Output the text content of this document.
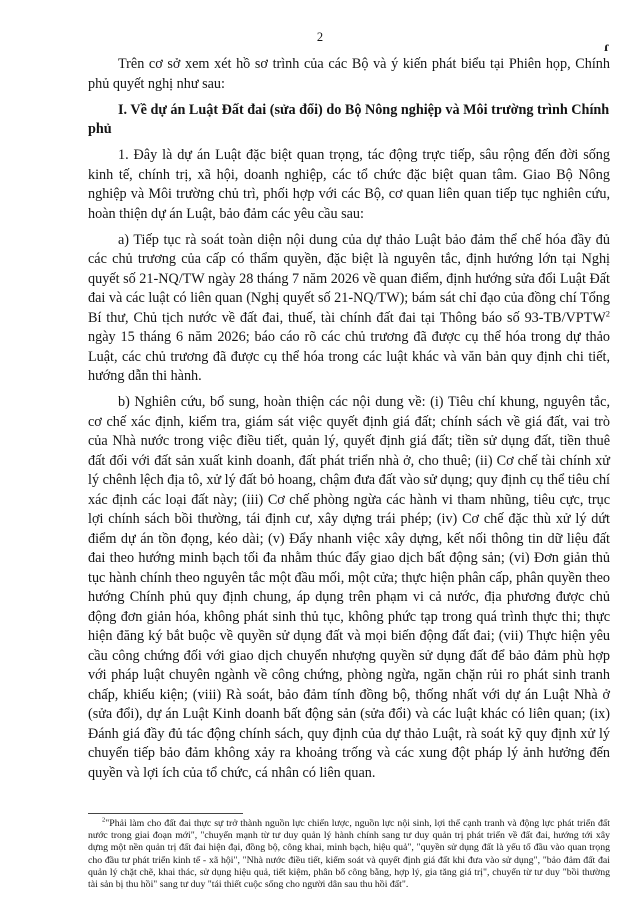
2
ɾ

Trên cơ sở xem xét hồ sơ trình của các Bộ và ý kiến phát biểu tại Phiên họp, Chính phủ quyết nghị như sau:

I. Về dự án Luật Đất đai (sửa đổi) do Bộ Nông nghiệp và Môi trường trình Chính phủ

1. Đây là dự án Luật đặc biệt quan trọng, tác động trực tiếp, sâu rộng đến đời sống kinh tế, chính trị, xã hội, doanh nghiệp, các tổ chức đặc biệt quan tâm. Giao Bộ Nông nghiệp và Môi trường chủ trì, phối hợp với các Bộ, cơ quan liên quan tiếp tục nghiên cứu, hoàn thiện dự án Luật, bảo đảm các yêu cầu sau:

a) Tiếp tục rà soát toàn diện nội dung của dự thảo Luật bảo đảm thể chế hóa đầy đủ các chủ trương của cấp có thẩm quyền, đặc biệt là nguyên tắc, định hướng lớn tại Nghị quyết số 21-NQ/TW ngày 28 tháng 7 năm 2026 về quan điểm, định hướng sửa đổi Luật Đất đai và các luật có liên quan (Nghị quyết số 21-NQ/TW); bám sát chỉ đạo của đồng chí Tổng Bí thư, Chủ tịch nước về đất đai, thuế, tài chính đất đai tại Thông báo số 93-TB/VPTW$^2$ ngày 15 tháng 6 năm 2026; báo cáo rõ các chủ trương đã được cụ thể hóa trong dự thảo Luật, các chủ trương đã được cụ thể hóa trong các luật khác và văn bản quy định chi tiết, hướng dẫn thi hành.

b) Nghiên cứu, bổ sung, hoàn thiện các nội dung về: (i) Tiêu chí khung, nguyên tắc, cơ chế xác định, kiểm tra, giám sát việc quyết định giá đất; chính sách về giá đất, vai trò của Nhà nước trong việc điều tiết, quản lý, quyết định giá đất; tiền sử dụng đất, tiền thuê đất đối với đất sản xuất kinh doanh, đất phát triển nhà ở, cho thuê; (ii) Cơ chế tài chính xử lý chênh lệch địa tô, xử lý đất bỏ hoang, chậm đưa đất vào sử dụng; quy định cụ thể tiêu chí xác định các loại đất này; (iii) Cơ chế phòng ngừa các hành vi tham nhũng, tiêu cực, trục lợi chính sách bồi thường, tái định cư, xây dựng trái phép; (iv) Cơ chế đặc thù xử lý dứt điểm dự án tồn đọng, kéo dài; (v) Đẩy nhanh việc xây dựng, kết nối thông tin dữ liệu đất đai theo hướng minh bạch tối đa nhằm thúc đẩy giao dịch bất động sản; (vi) Đơn giản thủ tục hành chính theo nguyên tắc một đầu mối, một cửa; thực hiện phân cấp, phân quyền theo hướng Chính phủ quy định chung, áp dụng trên phạm vi cả nước, địa phương được chủ động đơn giản hóa, không phát sinh thủ tục, không phức tạp trong quá trình thực thi; thực hiện đăng ký bắt buộc về quyền sử dụng đất và mọi biến động đất đai; (vii) Thực hiện yêu cầu công chứng đối với giao dịch chuyển nhượng quyền sử dụng đất để bảo đảm phù hợp với pháp luật chuyên ngành về công chứng, phòng ngừa, ngăn chặn rủi ro phát sinh tranh chấp, khiếu kiện; (viii) Rà soát, bảo đảm tính đồng bộ, thống nhất với dự án Luật Nhà ở (sửa đổi), dự án Luật Kinh doanh bất động sản (sửa đổi) và các luật khác có liên quan; (ix) Đánh giá đầy đủ tác động chính sách, quy định của dự thảo Luật, rà soát kỹ quy định xử lý chuyển tiếp bảo đảm không xảy ra khoảng trống và các xung đột pháp lý ảnh hưởng đến quyền và lợi ích của tổ chức, cá nhân có liên quan.

$^2$"Phải làm cho đất đai thực sự trở thành nguồn lực chiến lược, nguồn lực nội sinh, lợi thế cạnh tranh và động lực phát triển đất nước trong giai đoạn mới", "chuyển mạnh từ tư duy quản lý hành chính sang tư duy quản trị phát triển về đất đai, hướng tới xây dựng một nền quản trị đất đai hiện đại, đồng bộ, công khai, minh bạch, hiệu quả", "quyền sử dụng đất là yếu tố đầu vào quan trọng cho đầu tư phát triển kinh tế - xã hội", "Nhà nước điều tiết, kiểm soát và quyết định giá đất khi đưa vào sử dụng", "bảo đảm đất đai quản lý chặt chẽ, khai thác, sử dụng hiệu quả, tiết kiệm, phân bổ công bằng, hợp lý, gia tăng giá trị", chuyển từ tư duy "bồi thường tài sản bị thu hồi" sang tư duy "tái thiết cuộc sống cho người dân sau thu hồi đất".
